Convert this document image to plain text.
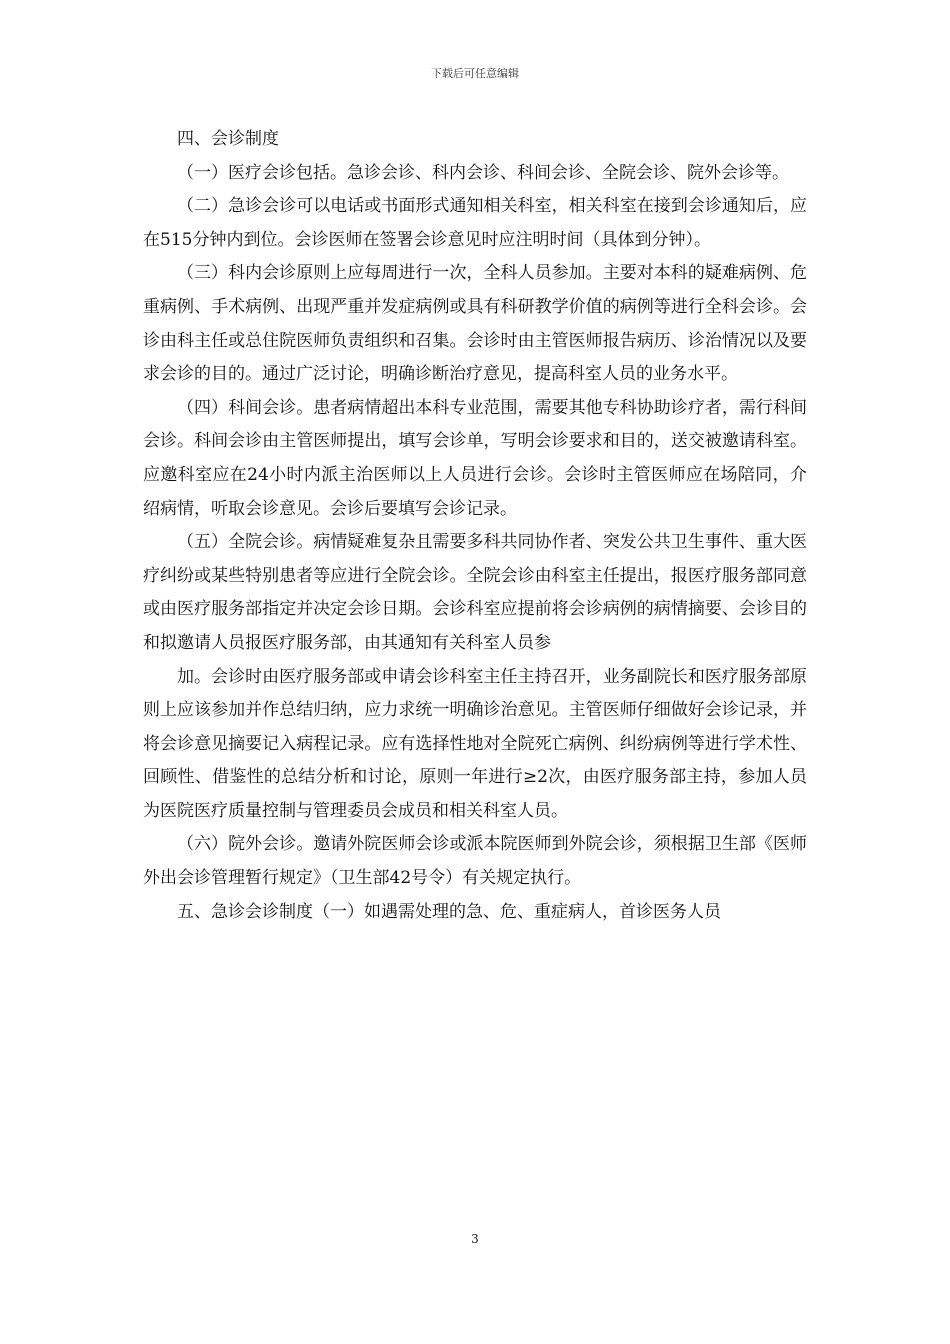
下载后可任意编辑

四、会诊制度

（一）医疗会诊包括。急诊会诊、科内会诊、科间会诊、全院会诊、院外会诊等。

（二）急诊会诊可以电话或书面形式通知相关科室，相关科室在接到会诊通知后，应在515分钟内到位。会诊医师在签署会诊意见时应注明时间（具体到分钟）。

（三）科内会诊原则上应每周进行一次，全科人员参加。主要对本科的疑难病例、危重病例、手术病例、出现严重并发症病例或具有科研教学价值的病例等进行全科会诊。会诊由科主任或总住院医师负责组织和召集。会诊时由主管医师报告病历、诊治情况以及要求会诊的目的。通过广泛讨论，明确诊断治疗意见，提高科室人员的业务水平。

（四）科间会诊。患者病情超出本科专业范围，需要其他专科协助诊疗者，需行科间会诊。科间会诊由主管医师提出，填写会诊单，写明会诊要求和目的，送交被邀请科室。应邀科室应在24小时内派主治医师以上人员进行会诊。会诊时主管医师应在场陪同，介绍病情，听取会诊意见。会诊后要填写会诊记录。

（五）全院会诊。病情疑难复杂且需要多科共同协作者、突发公共卫生事件、重大医疗纠纷或某些特别患者等应进行全院会诊。全院会诊由科室主任提出，报医疗服务部同意或由医疗服务部指定并决定会诊日期。会诊科室应提前将会诊病例的病情摘要、会诊目的和拟邀请人员报医疗服务部，由其通知有关科室人员参

加。会诊时由医疗服务部或申请会诊科室主任主持召开，业务副院长和医疗服务部原则上应该参加并作总结归纳，应力求统一明确诊治意见。主管医师仔细做好会诊记录，并将会诊意见摘要记入病程记录。应有选择性地对全院死亡病例、纠纷病例等进行学术性、回顾性、借鉴性的总结分析和讨论，原则一年进行≥2次，由医疗服务部主持，参加人员为医院医疗质量控制与管理委员会成员和相关科室人员。

（六）院外会诊。邀请外院医师会诊或派本院医师到外院会诊，须根据卫生部《医师外出会诊管理暂行规定》（卫生部42号令）有关规定执行。

五、急诊会诊制度（一）如遇需处理的急、危、重症病人，首诊医务人员

3
